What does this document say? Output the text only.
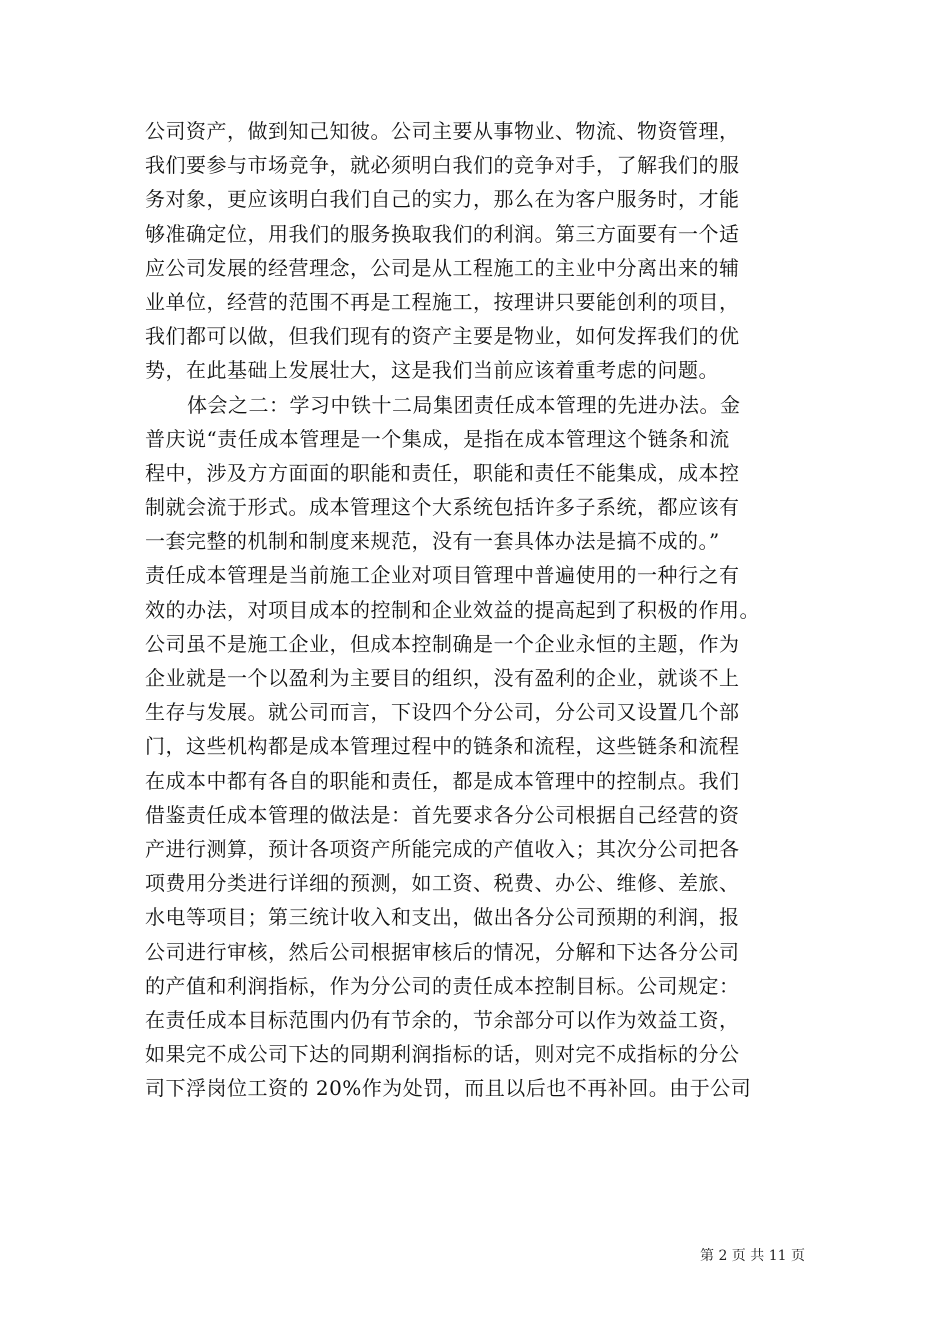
公司资产，做到知己知彼。公司主要从事物业、物流、物资管理，
我们要参与市场竞争，就必须明白我们的竞争对手，了解我们的服
务对象，更应该明白我们自己的实力，那么在为客户服务时，才能
够准确定位，用我们的服务换取我们的利润。第三方面要有一个适
应公司发展的经营理念，公司是从工程施工的主业中分离出来的辅
业单位，经营的范围不再是工程施工，按理讲只要能创利的项目，
我们都可以做，但我们现有的资产主要是物业，如何发挥我们的优
势，在此基础上发展壮大，这是我们当前应该着重考虑的问题。
体会之二：学习中铁十二局集团责任成本管理的先进办法。金
普庆说“责任成本管理是一个集成，是指在成本管理这个链条和流
程中，涉及方方面面的职能和责任，职能和责任不能集成，成本控
制就会流于形式。成本管理这个大系统包括许多子系统，都应该有
一套完整的机制和制度来规范，没有一套具体办法是搞不成的。”
责任成本管理是当前施工企业对项目管理中普遍使用的一种行之有
效的办法，对项目成本的控制和企业效益的提高起到了积极的作用。
公司虽不是施工企业，但成本控制确是一个企业永恒的主题，作为
企业就是一个以盈利为主要目的组织，没有盈利的企业，就谈不上
生存与发展。就公司而言，下设四个分公司，分公司又设置几个部
门，这些机构都是成本管理过程中的链条和流程，这些链条和流程
在成本中都有各自的职能和责任，都是成本管理中的控制点。我们
借鉴责任成本管理的做法是：首先要求各分公司根据自己经营的资
产进行测算，预计各项资产所能完成的产值收入；其次分公司把各
项费用分类进行详细的预测，如工资、税费、办公、维修、差旅、
水电等项目；第三统计收入和支出，做出各分公司预期的利润，报
公司进行审核，然后公司根据审核后的情况，分解和下达各分公司
的产值和利润指标，作为分公司的责任成本控制目标。公司规定：
在责任成本目标范围内仍有节余的，节余部分可以作为效益工资，
如果完不成公司下达的同期利润指标的话，则对完不成指标的分公
司下浮岗位工资的 20%作为处罚，而且以后也不再补回。由于公司
第 2 页 共 11 页
